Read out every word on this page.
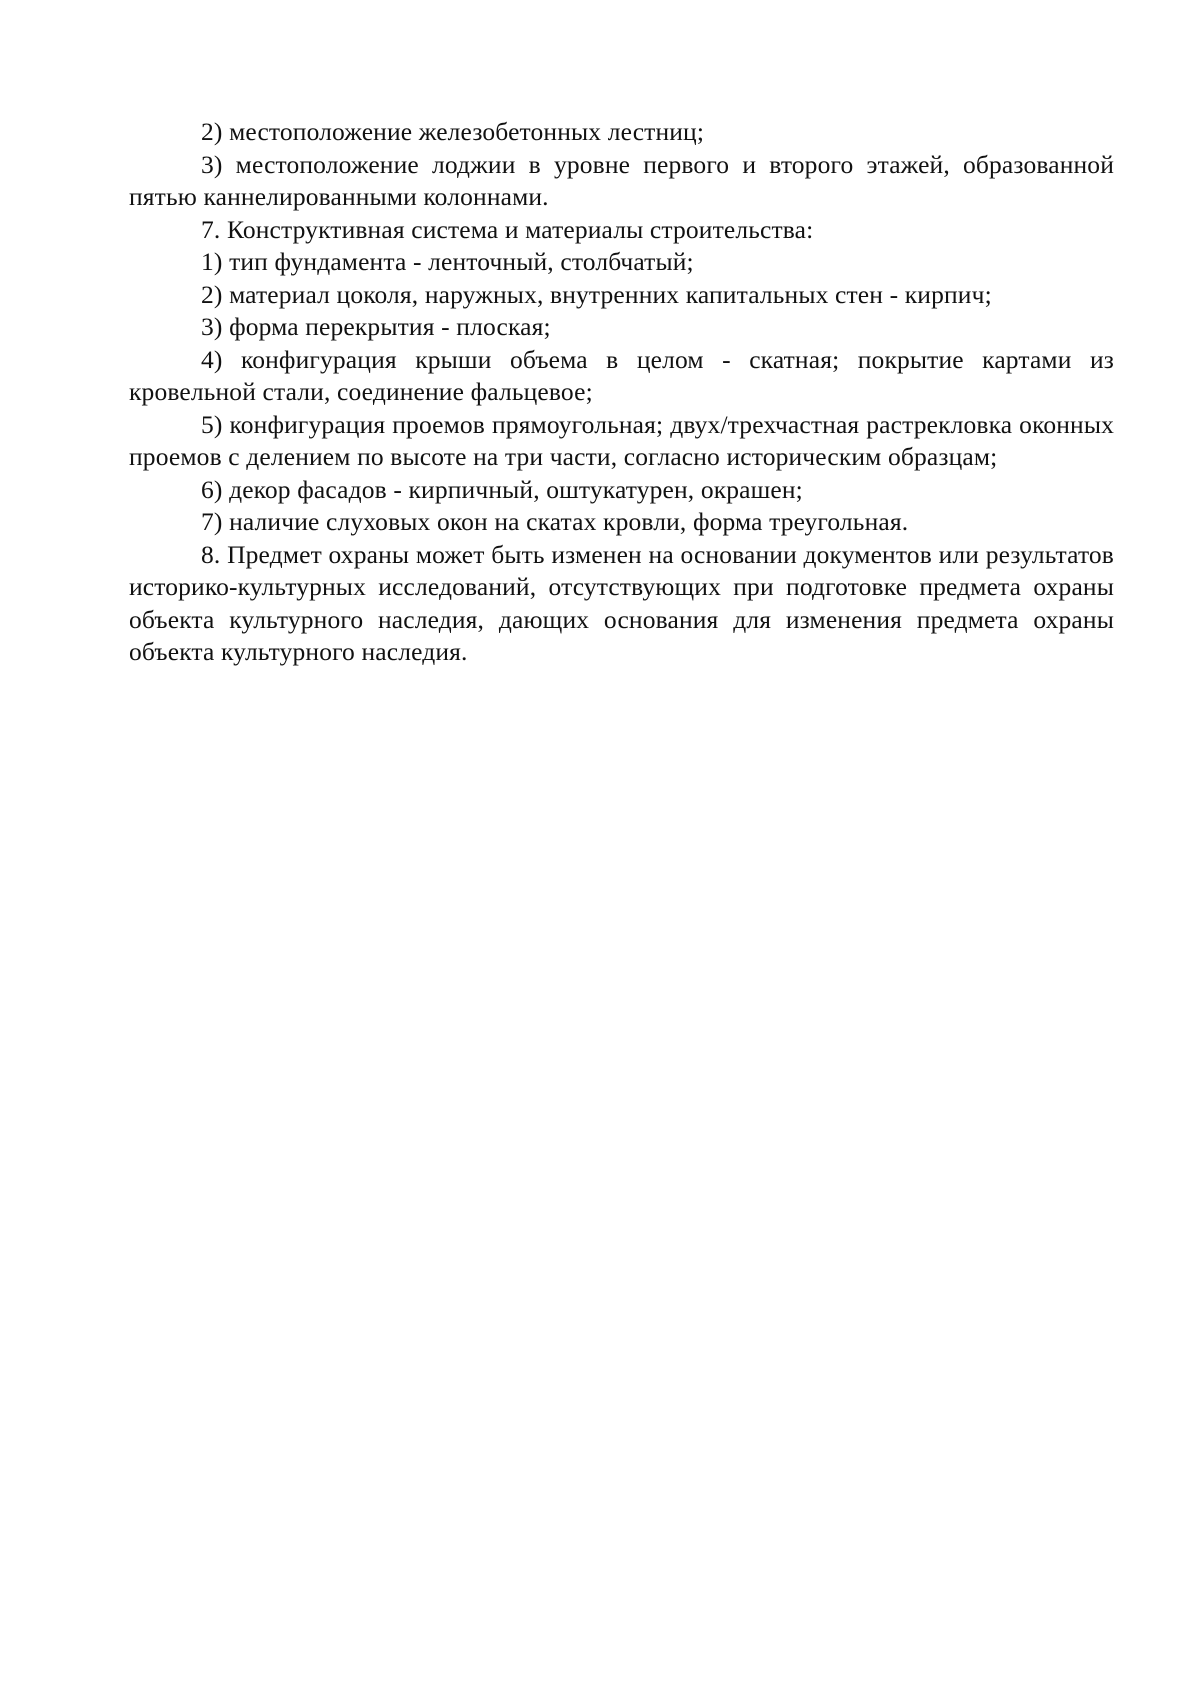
2) местоположение железобетонных лестниц;

3) местоположение лоджии в уровне первого и второго этажей, образованной пятью каннелированными колоннами.

7. Конструктивная система и материалы строительства:

1) тип фундамента - ленточный, столбчатый;

2) материал цоколя, наружных, внутренних капитальных стен - кирпич;

3) форма перекрытия - плоская;

4) конфигурация крыши объема в целом - скатная; покрытие картами из кровельной стали, соединение фальцевое;

5) конфигурация проемов прямоугольная; двух/трехчастная растрекловка оконных проемов с делением по высоте на три части, согласно историческим образцам;

6) декор фасадов - кирпичный, оштукатурен, окрашен;

7) наличие слуховых окон на скатах кровли, форма треугольная.

8. Предмет охраны может быть изменен на основании документов или результатов историко-культурных исследований, отсутствующих при подготовке предмета охраны объекта культурного наследия, дающих основания для изменения предмета охраны объекта культурного наследия.
